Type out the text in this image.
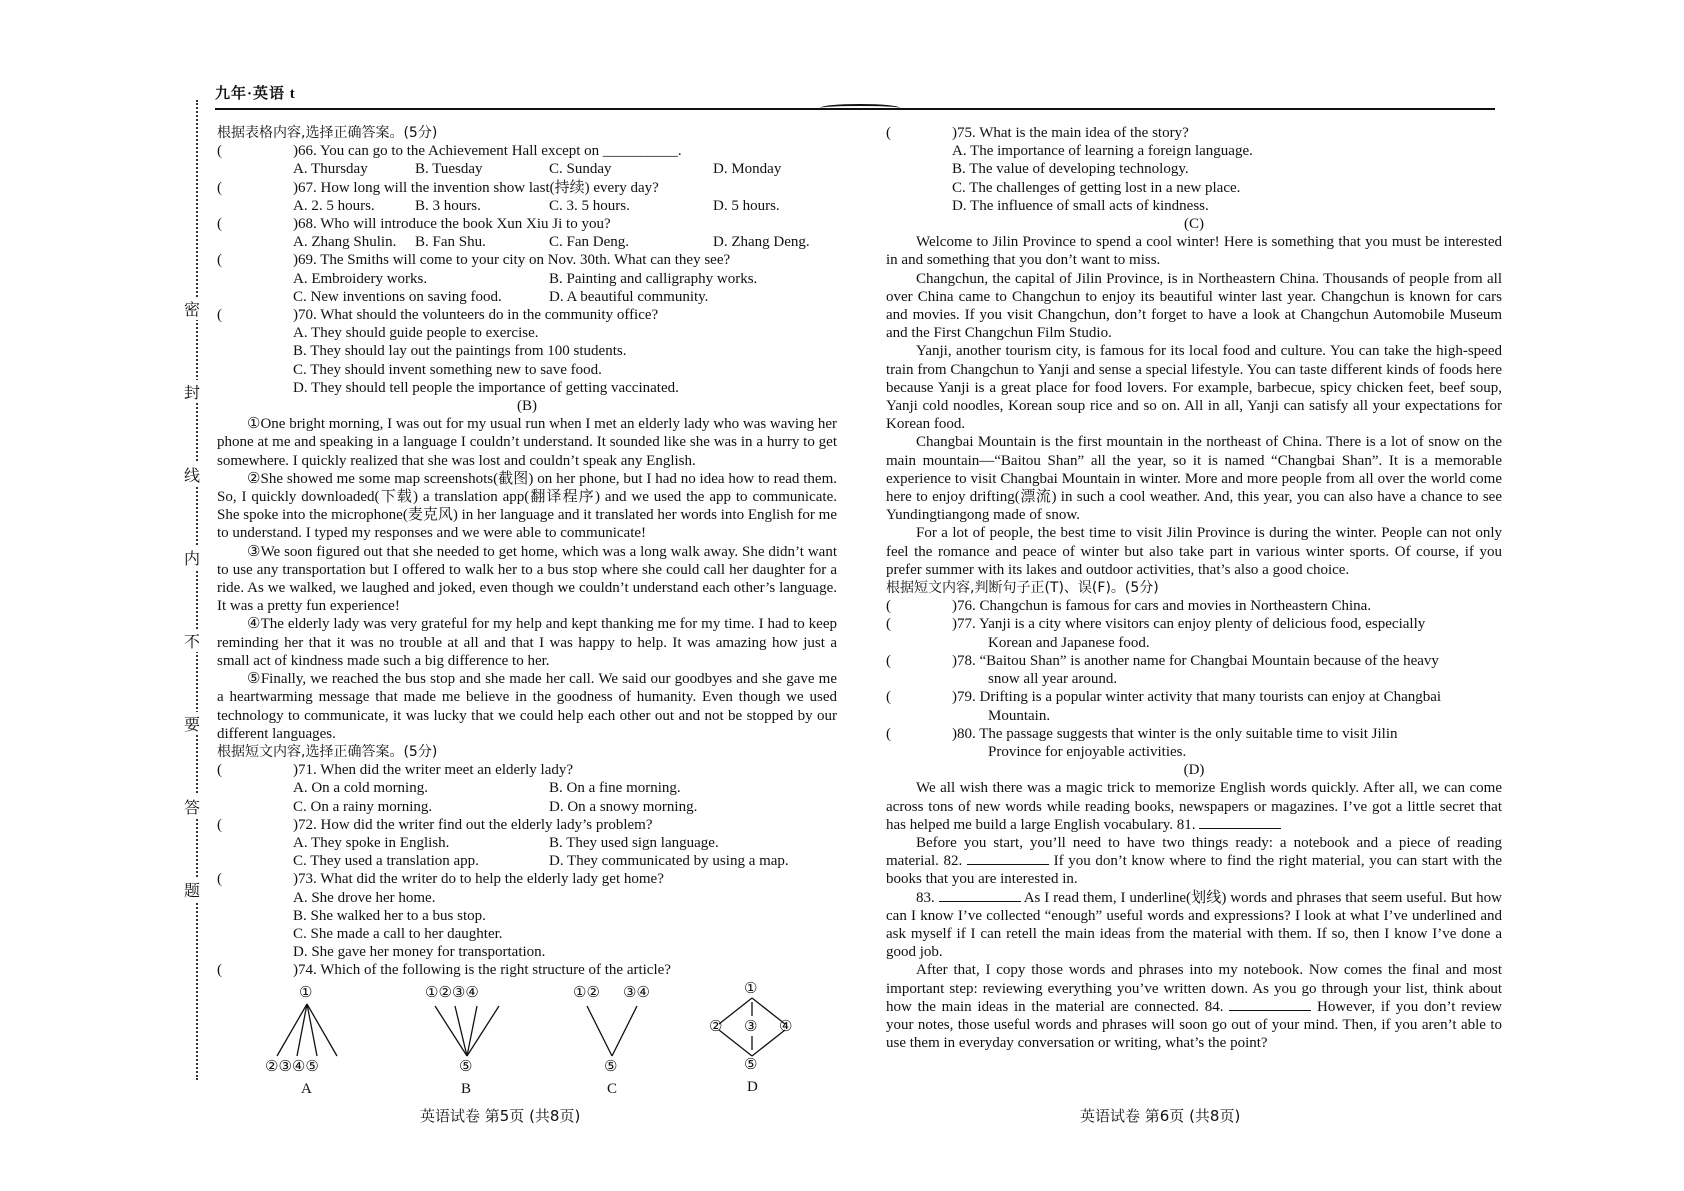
九年·英语 t
密
封
线
内
不
要
答
题
根据表格内容,选择正确答案。(5分)
(	)66. You can go to the Achievement Hall except on __________.
A. Thursday	B. Tuesday	C. Sunday	D. Monday
(	)67. How long will the invention show last(持续) every day?
A. 2. 5 hours.	B. 3 hours.	C. 3. 5 hours.	D. 5 hours.
(	)68. Who will introduce the book Xun Xiu Ji to you?
A. Zhang Shulin. B. Fan Shu.	C. Fan Deng.	D. Zhang Deng.
(	)69. The Smiths will come to your city on Nov. 30th. What can they see?
A. Embroidery works.	B. Painting and calligraphy works.
C. New inventions on saving food.	D. A beautiful community.
(	)70. What should the volunteers do in the community office?
A. They should guide people to exercise.
B. They should lay out the paintings from 100 students.
C. They should invent something new to save food.
D. They should tell people the importance of getting vaccinated.
(B)

①One bright morning, I was out for my usual run when I met an elderly lady who was waving her phone at me and speaking in a language I couldn’t understand. It sounded like she was in a hurry to get somewhere. I quickly realized that she was lost and couldn’t speak any English.

②She showed me some map screenshots(截图) on her phone, but I had no idea how to read them. So, I quickly downloaded(下载) a translation app(翻译程序) and we used the app to communicate. She spoke into the microphone(麦克风) in her language and it translated her words into English for me to understand. I typed my responses and we were able to communicate!

③We soon figured out that she needed to get home, which was a long walk away. She didn’t want to use any transportation but I offered to walk her to a bus stop where she could call her daughter for a ride. As we walked, we laughed and joked, even though we couldn’t understand each other’s language. It was a pretty fun experience!

④The elderly lady was very grateful for my help and kept thanking me for my time. I had to keep reminding her that it was no trouble at all and that I was happy to help. It was amazing how just a small act of kindness made such a big difference to her.

⑤Finally, we reached the bus stop and she made her call. We said our goodbyes and she gave me a heartwarming message that made me believe in the goodness of humanity. Even though we used technology to communicate, it was lucky that we could help each other out and not be stopped by our different languages.

根据短文内容,选择正确答案。(5分)
(	)71. When did the writer meet an elderly lady?
A. On a cold morning.	B. On a fine morning.
C. On a rainy morning.	D. On a snowy morning.
(	)72. How did the writer find out the elderly lady’s problem?
A. They spoke in English.	B. They used sign language.
C. They used a translation app.	D. They communicated by using a map.
(	)73. What did the writer do to help the elderly lady get home?
A. She drove her home.
B. She walked her to a bus stop.
C. She made a call to her daughter.
D. She gave her money for transportation.
(	)74. Which of the following is the right structure of the article?
①
②③④⑤
A
①②③④
⑤
B
①② ③④
⑤
C
①
② ③ ④
⑤
D
(	)75. What is the main idea of the story?
A. The importance of learning a foreign language.
B. The value of developing technology.
C. The challenges of getting lost in a new place.
D. The influence of small acts of kindness.
(C)

Welcome to Jilin Province to spend a cool winter! Here is something that you must be interested in and something that you don’t want to miss.

Changchun, the capital of Jilin Province, is in Northeastern China. Thousands of people from all over China came to Changchun to enjoy its beautiful winter last year. Changchun is known for cars and movies. If you visit Changchun, don’t forget to have a look at Changchun Automobile Museum and the First Changchun Film Studio.

Yanji, another tourism city, is famous for its local food and culture. You can take the high-speed train from Changchun to Yanji and sense a special lifestyle. You can taste different kinds of foods here because Yanji is a great place for food lovers. For example, barbecue, spicy chicken feet, beef soup, Yanji cold noodles, Korean soup rice and so on. All in all, Yanji can satisfy all your expectations for Korean food.

Changbai Mountain is the first mountain in the northeast of China. There is a lot of snow on the main mountain—“Baitou Shan” all the year, so it is named “Changbai Shan”. It is a memorable experience to visit Changbai Mountain in winter. More and more people from all over the world come here to enjoy drifting(漂流) in such a cool weather. And, this year, you can also have a chance to see Yundingtiangong made of snow.

For a lot of people, the best time to visit Jilin Province is during the winter. People can not only feel the romance and peace of winter but also take part in various winter sports. Of course, if you prefer summer with its lakes and outdoor activities, that’s also a good choice.

根据短文内容,判断句子正(T)、误(F)。(5分)
(	)76. Changchun is famous for cars and movies in Northeastern China.
(	)77. Yanji is a city where visitors can enjoy plenty of delicious food, especially
Korean and Japanese food.
(	)78. “Baitou Shan” is another name for Changbai Mountain because of the heavy
snow all year around.
(	)79. Drifting is a popular winter activity that many tourists can enjoy at Changbai
Mountain.
(	)80. The passage suggests that winter is the only suitable time to visit Jilin
Province for enjoyable activities.
(D)

We all wish there was a magic trick to memorize English words quickly. After all, we can come across tons of new words while reading books, newspapers or magazines. I’ve got a little secret that has helped me build a large English vocabulary. 81.

Before you start, you’ll need to have two things ready: a notebook and a piece of reading material. 82.	If you don’t know where to find the right material, you can start with the books that you are interested in.

83.	As I read them, I underline(划线) words and phrases that seem useful. But how can I know I’ve collected “enough” useful words and expressions? I look at what I’ve underlined and ask myself if I can retell the main ideas from the material with them. If so, then I know I’ve done a good job.

After that, I copy those words and phrases into my notebook. Now comes the final and most important step: reviewing everything you’ve written down. As you go through your list, think about how the main ideas in the material are connected. 84.	However, if you don’t review your notes, those useful words and phrases will soon go out of your mind. Then, if you aren’t able to use them in everyday conversation or writing, what’s the point?

英语试卷 第5页 (共8页)	英语试卷 第6页 (共8页)
